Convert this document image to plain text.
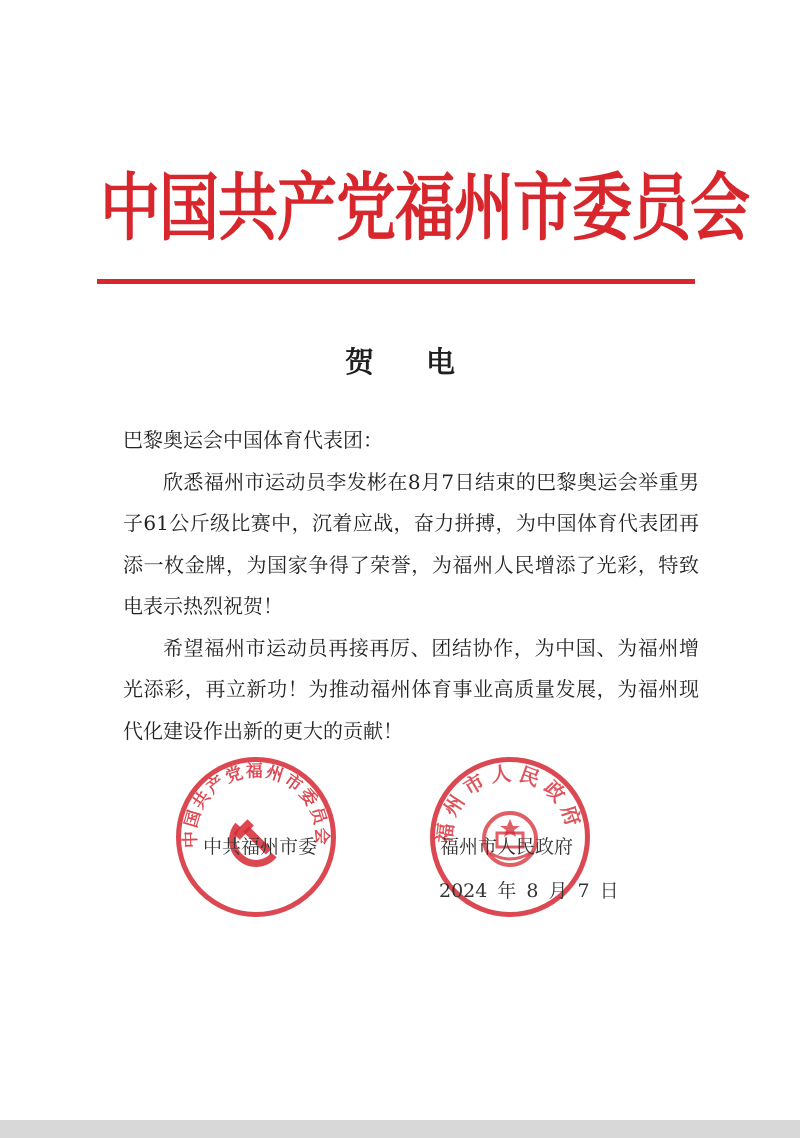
中国共产党福州市委员会
贺电

巴黎奥运会中国体育代表团：

欣悉福州市运动员李发彬在8月7日结束的巴黎奥运会举重男子61公斤级比赛中，沉着应战，奋力拼搏，为中国体育代表团再添一枚金牌，为国家争得了荣誉，为福州人民增添了光彩，特致电表示热烈祝贺！

希望福州市运动员再接再厉、团结协作，为中国、为福州增光添彩，再立新功！为推动福州体育事业高质量发展，为福州现代化建设作出新的更大的贡献！

中国共产党福州市委员会	福州市人民政府
中共福州市委	福州市人民政府
2024 年 8 月 7 日
